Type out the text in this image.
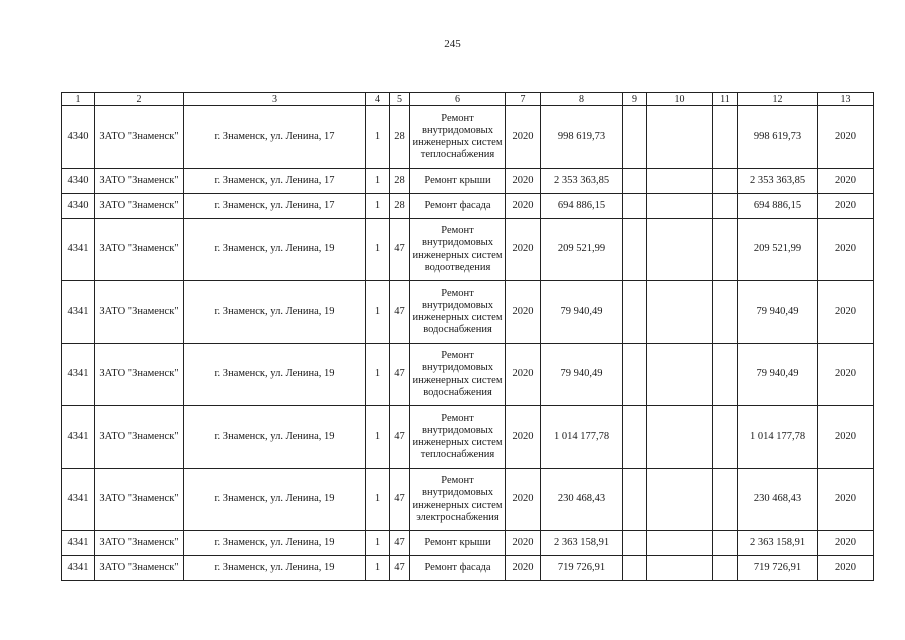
245
1	2	3	4	5	6	7	8	9	10	11	12	13
4340	ЗАТО "Знаменск"	г. Знаменск, ул. Ленина, 17	1	28	Ремонт внутридомовых инженерных систем теплоснабжения	2020	998 619,73				998 619,73	2020
4340	ЗАТО "Знаменск"	г. Знаменск, ул. Ленина, 17	1	28	Ремонт крыши	2020	2 353 363,85				2 353 363,85	2020
4340	ЗАТО "Знаменск"	г. Знаменск, ул. Ленина, 17	1	28	Ремонт фасада	2020	694 886,15				694 886,15	2020
4341	ЗАТО "Знаменск"	г. Знаменск, ул. Ленина, 19	1	47	Ремонт внутридомовых инженерных систем водоотведения	2020	209 521,99				209 521,99	2020
4341	ЗАТО "Знаменск"	г. Знаменск, ул. Ленина, 19	1	47	Ремонт внутридомовых инженерных систем водоснабжения	2020	79 940,49				79 940,49	2020
4341	ЗАТО "Знаменск"	г. Знаменск, ул. Ленина, 19	1	47	Ремонт внутридомовых инженерных систем водоснабжения	2020	79 940,49				79 940,49	2020
4341	ЗАТО "Знаменск"	г. Знаменск, ул. Ленина, 19	1	47	Ремонт внутридомовых инженерных систем теплоснабжения	2020	1 014 177,78				1 014 177,78	2020
4341	ЗАТО "Знаменск"	г. Знаменск, ул. Ленина, 19	1	47	Ремонт внутридомовых инженерных систем электроснабжения	2020	230 468,43				230 468,43	2020
4341	ЗАТО "Знаменск"	г. Знаменск, ул. Ленина, 19	1	47	Ремонт крыши	2020	2 363 158,91				2 363 158,91	2020
4341	ЗАТО "Знаменск"	г. Знаменск, ул. Ленина, 19	1	47	Ремонт фасада	2020	719 726,91				719 726,91	2020
